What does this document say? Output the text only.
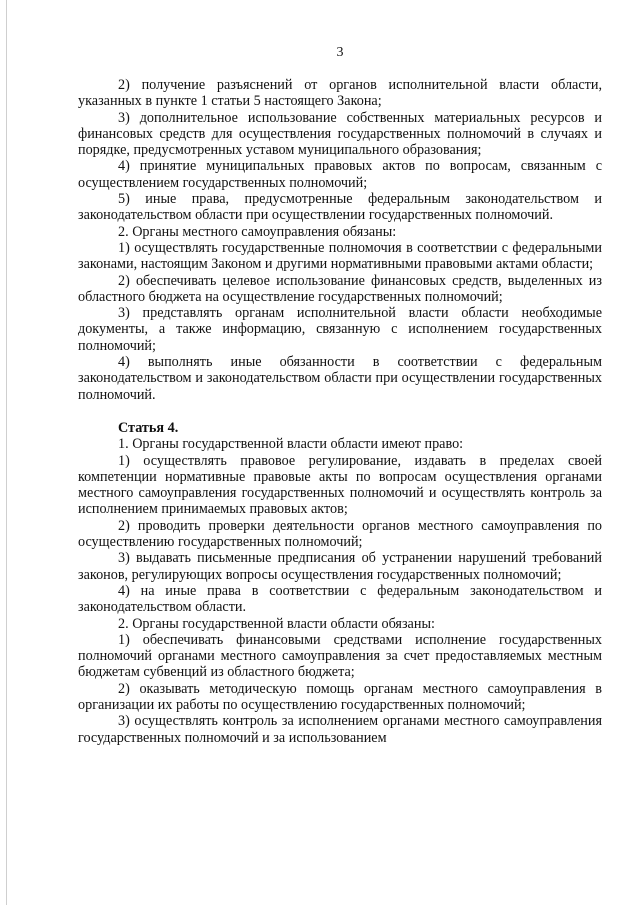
3

2) получение разъяснений от органов исполнительной власти области, указанных в пункте 1 статьи 5 настоящего Закона;

3) дополнительное использование собственных материальных ресурсов и финансовых средств для осуществления государственных полномочий в случаях и порядке, предусмотренных уставом муниципального образования;

4) принятие муниципальных правовых актов по вопросам, связанным с осуществлением государственных полномочий;

5) иные права, предусмотренные федеральным законодательством и законодательством области при осуществлении государственных полномочий.

2. Органы местного самоуправления обязаны:

1) осуществлять государственные полномочия в соответствии с федеральными законами, настоящим Законом и другими нормативными правовыми актами области;

2) обеспечивать целевое использование финансовых средств, выделенных из областного бюджета на осуществление государственных полномочий;

3) представлять органам исполнительной власти области необходимые документы, а также информацию, связанную с исполнением государственных полномочий;

4) выполнять иные обязанности в соответствии с федеральным законодательством и законодательством области при осуществлении государственных полномочий.

Статья 4.

1. Органы государственной власти области имеют право:

1) осуществлять правовое регулирование, издавать в пределах своей компетенции нормативные правовые акты по вопросам осуществления органами местного самоуправления государственных полномочий и осуществлять контроль за исполнением принимаемых правовых актов;

2) проводить проверки деятельности органов местного самоуправления по осуществлению государственных полномочий;

3) выдавать письменные предписания об устранении нарушений требований законов, регулирующих вопросы осуществления государственных полномочий;

4) на иные права в соответствии с федеральным законодательством и законодательством области.

2. Органы государственной власти области обязаны:

1) обеспечивать финансовыми средствами исполнение государственных полномочий органами местного самоуправления за счет предоставляемых местным бюджетам субвенций из областного бюджета;

2) оказывать методическую помощь органам местного самоуправления в организации их работы по осуществлению государственных полномочий;

3) осуществлять контроль за исполнением органами местного самоуправления государственных полномочий и за использованием
